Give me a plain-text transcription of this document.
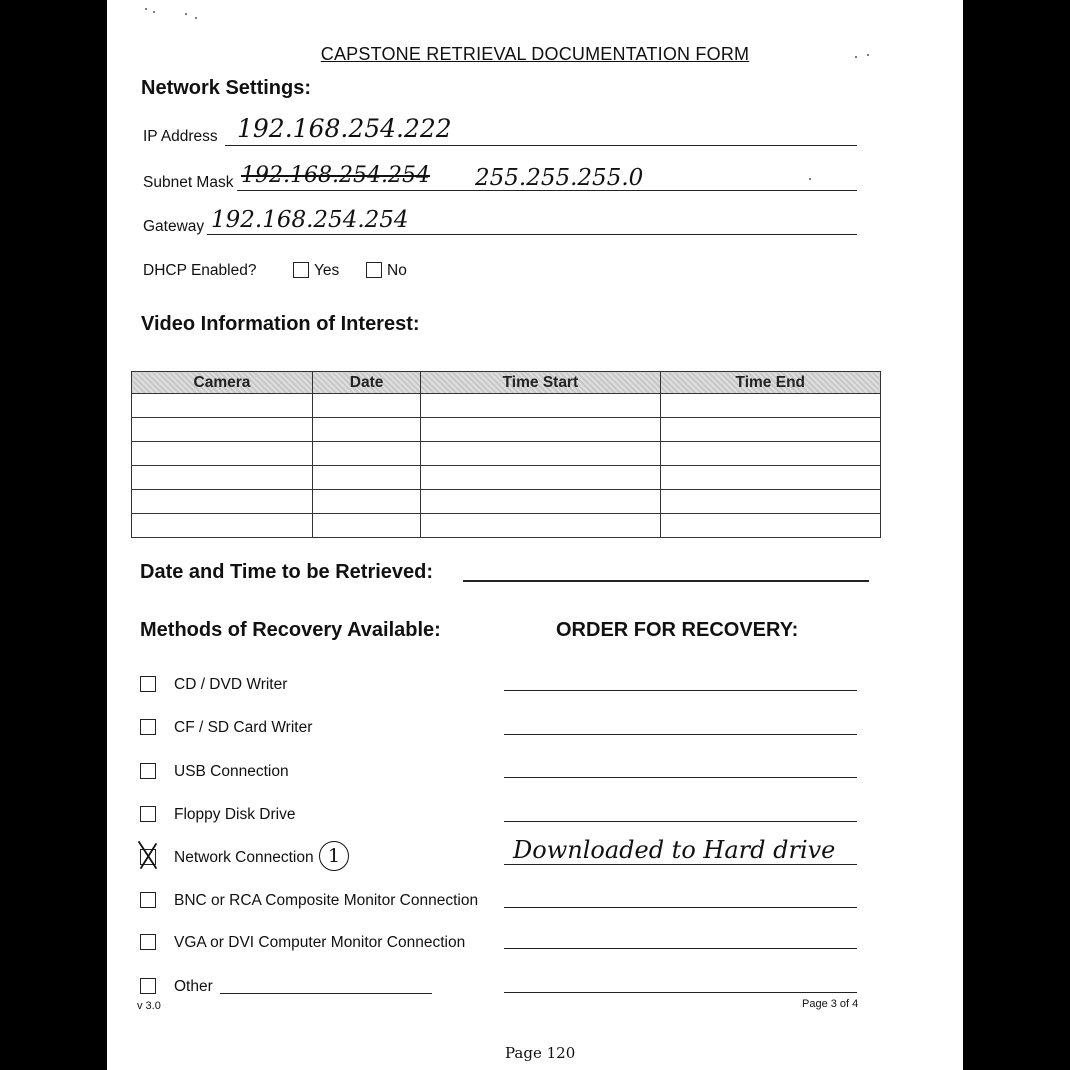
CAPSTONE RETRIEVAL DOCUMENTATION FORM
Network Settings:
IP Address 192.168.254.222
Subnet Mask 192.168.254.254 255.255.255.0
Gateway 192.168.254.254
DHCP Enabled?	Yes	No
Video Information of Interest:
Camera	Date	Time Start	Time End

Date and Time to be Retrieved:
Methods of Recovery Available:	ORDER FOR RECOVERY:
CD / DVD Writer
CF / SD Card Writer
USB Connection
Floppy Disk Drive
Network Connection 1	Downloaded to Hard drive
BNC or RCA Composite Monitor Connection
VGA or DVI Computer Monitor Connection
Other
v 3.0	Page 3 of 4
Page 120
